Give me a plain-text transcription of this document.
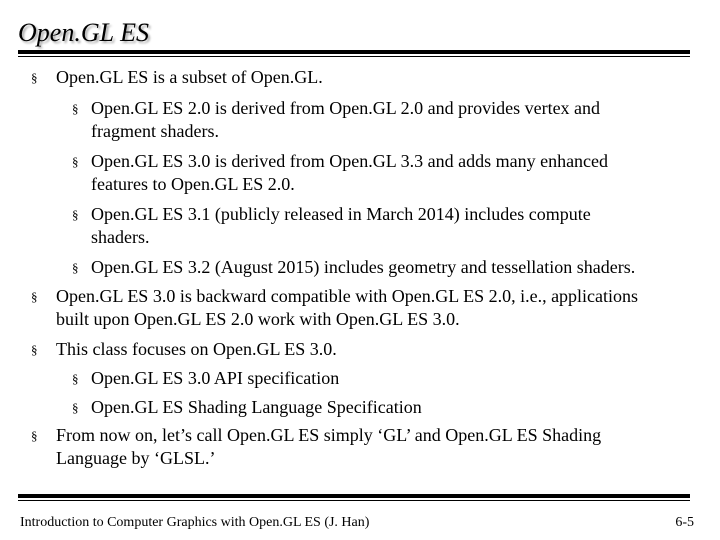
Open.GL ES
§ Open.GL ES is a subset of Open.GL.
§ Open.GL ES 2.0 is derived from Open.GL 2.0 and provides vertex and
fragment shaders.
§ Open.GL ES 3.0 is derived from Open.GL 3.3 and adds many enhanced
features to Open.GL ES 2.0.
§ Open.GL ES 3.1 (publicly released in March 2014) includes compute
shaders.
§ Open.GL ES 3.2 (August 2015) includes geometry and tessellation shaders.
§ Open.GL ES 3.0 is backward compatible with Open.GL ES 2.0, i.e., applications
built upon Open.GL ES 2.0 work with Open.GL ES 3.0.
§ This class focuses on Open.GL ES 3.0.
§ Open.GL ES 3.0 API specification
§ Open.GL ES Shading Language Specification
§ From now on, let’s call Open.GL ES simply ‘GL’ and Open.GL ES Shading
Language by ‘GLSL.’
Introduction to Computer Graphics with Open.GL ES (J. Han)	6-5
